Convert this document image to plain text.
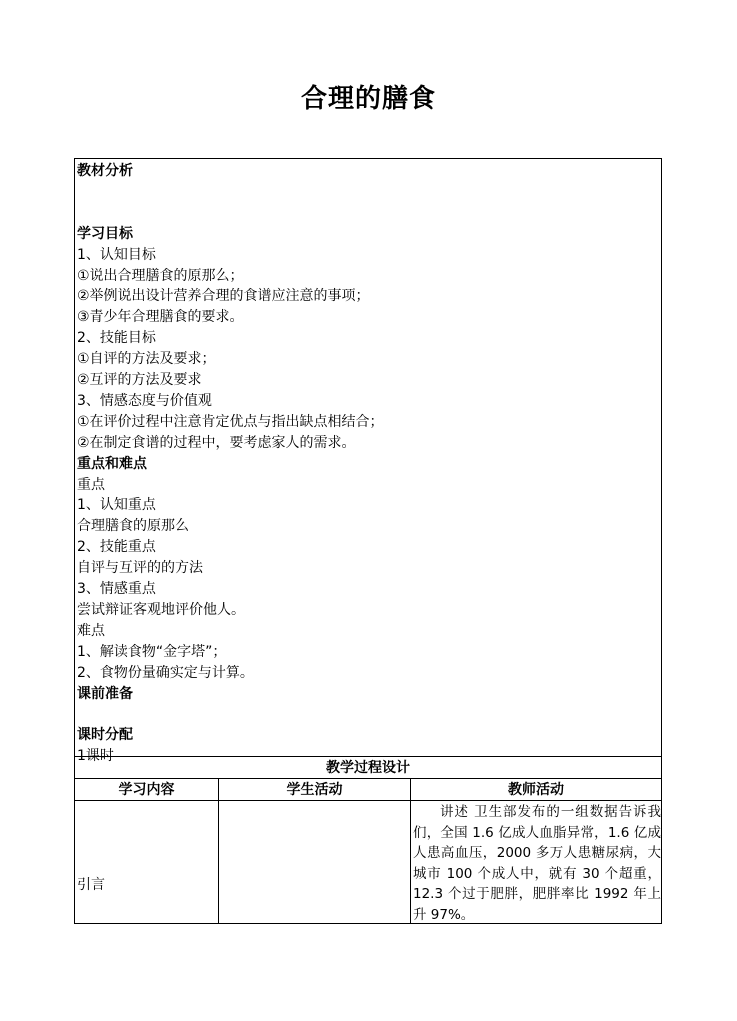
合理的膳食
教材分析
学习目标
1、认知目标
①说出合理膳食的原那么；
②举例说出设计营养合理的食谱应注意的事项；
③青少年合理膳食的要求。
2、技能目标
①自评的方法及要求；
②互评的方法及要求
3、情感态度与价值观
①在评价过程中注意肯定优点与指出缺点相结合；
②在制定食谱的过程中，要考虑家人的需求。
重点和难点
重点
1、认知重点
合理膳食的原那么
2、技能重点
自评与互评的的方法
3、情感重点
尝试辩证客观地评价他人。
难点
1、解读食物“金字塔”；
2、食物份量确实定与计算。
课前准备
课时分配
1课时
教学过程设计
学习内容	学生活动	教师活动
引言

讲述 卫生部发布的一组数据告诉我们，全国 1.6 亿成人血脂异常，1.6 亿成人患高血压，2000 多万人患糖尿病，大城市 100 个成人中，就有 30 个超重，12.3 个过于肥胖，肥胖率比 1992 年上升 97%。
